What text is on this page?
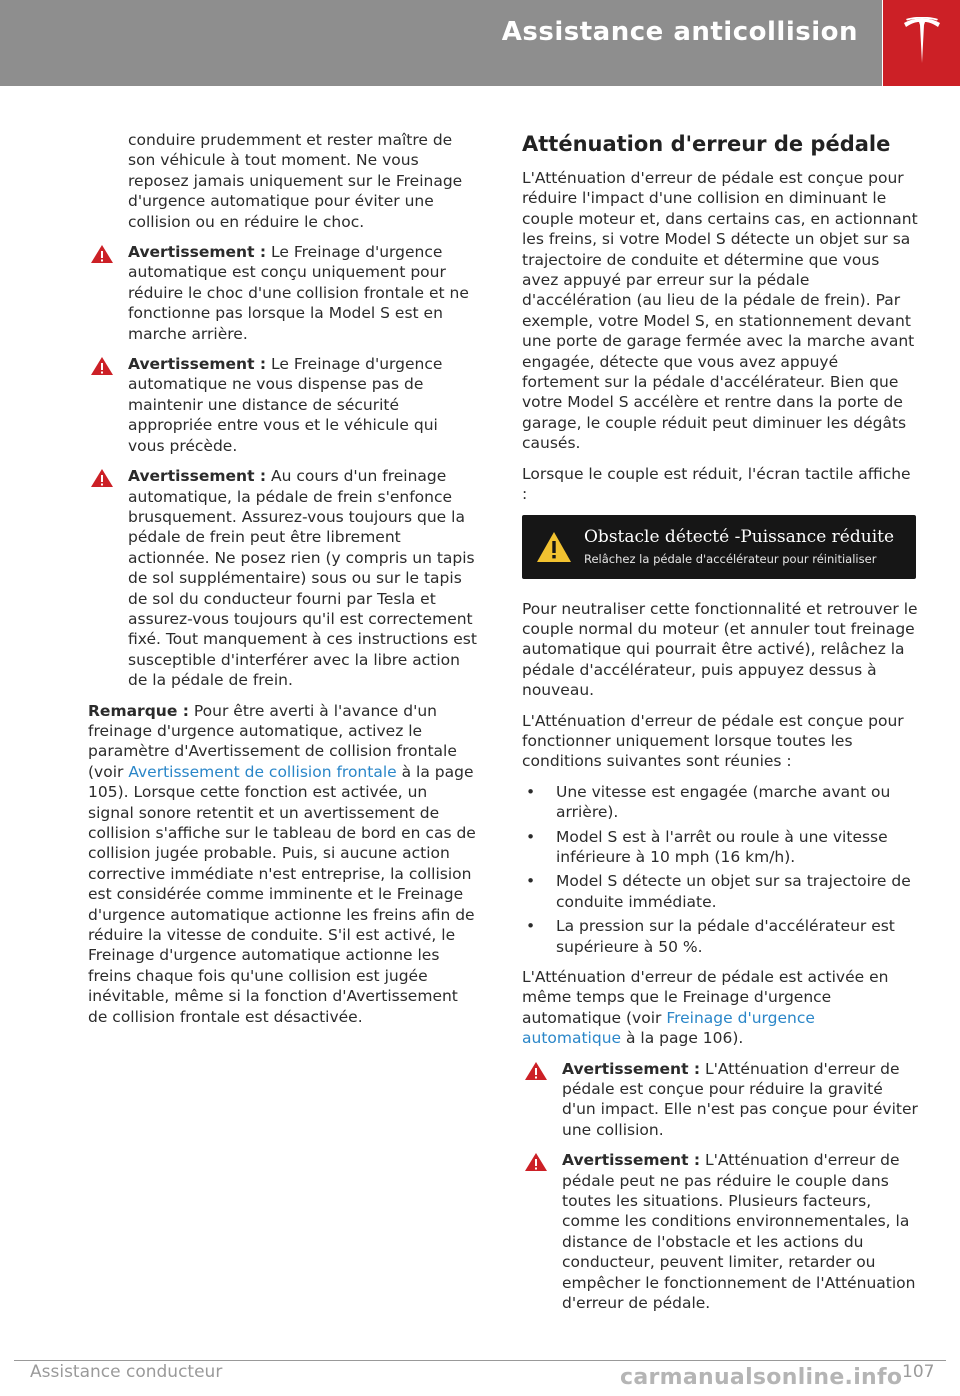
Assistance anticollision

conduire prudemment et rester maître de son véhicule à tout moment. Ne vous reposez jamais uniquement sur le Freinage d'urgence automatique pour éviter une collision ou en réduire le choc.

Avertissement : Le Freinage d'urgence automatique est conçu uniquement pour réduire le choc d'une collision frontale et ne fonctionne pas lorsque la Model S est en marche arrière.
Avertissement : Le Freinage d'urgence automatique ne vous dispense pas de maintenir une distance de sécurité appropriée entre vous et le véhicule qui vous précède.
Avertissement : Au cours d'un freinage automatique, la pédale de frein s'enfonce brusquement. Assurez-vous toujours que la pédale de frein peut être librement actionnée. Ne posez rien (y compris un tapis de sol supplémentaire) sous ou sur le tapis de sol du conducteur fourni par Tesla et assurez-vous toujours qu'il est correctement fixé. Tout manquement à ces instructions est susceptible d'interférer avec la libre action de la pédale de frein.

Remarque : Pour être averti à l'avance d'un freinage d'urgence automatique, activez le paramètre d'Avertissement de collision frontale (voir Avertissement de collision frontale à la page 105). Lorsque cette fonction est activée, un signal sonore retentit et un avertissement de collision s'affiche sur le tableau de bord en cas de collision jugée probable. Puis, si aucune action corrective immédiate n'est entreprise, la collision est considérée comme imminente et le Freinage d'urgence automatique actionne les freins afin de réduire la vitesse de conduite. S'il est activé, le Freinage d'urgence automatique actionne les freins chaque fois qu'une collision est jugée inévitable, même si la fonction d'Avertissement de collision frontale est désactivée.

Atténuation d'erreur de pédale

L'Atténuation d'erreur de pédale est conçue pour réduire l'impact d'une collision en diminuant le couple moteur et, dans certains cas, en actionnant les freins, si votre Model S détecte un objet sur sa trajectoire de conduite et détermine que vous avez appuyé par erreur sur la pédale d'accélération (au lieu de la pédale de frein). Par exemple, votre Model S, en stationnement devant une porte de garage fermée avec la marche avant engagée, détecte que vous avez appuyé fortement sur la pédale d'accélérateur. Bien que votre Model S accélère et rentre dans la porte de garage, le couple réduit peut diminuer les dégâts causés.

Lorsque le couple est réduit, l'écran tactile affiche :

Obstacle détecté -Puissance réduite
Relâchez la pédale d'accélérateur pour réinitialiser

Pour neutraliser cette fonctionnalité et retrouver le couple normal du moteur (et annuler tout freinage automatique qui pourrait être activé), relâchez la pédale d'accélérateur, puis appuyez dessus à nouveau.

L'Atténuation d'erreur de pédale est conçue pour fonctionner uniquement lorsque toutes les conditions suivantes sont réunies :

• Une vitesse est engagée (marche avant ou arrière).
• Model S est à l'arrêt ou roule à une vitesse inférieure à 10 mph (16 km/h).
• Model S détecte un objet sur sa trajectoire de conduite immédiate.
• La pression sur la pédale d'accélérateur est supérieure à 50 %.

L'Atténuation d'erreur de pédale est activée en même temps que le Freinage d'urgence automatique (voir Freinage d'urgence automatique à la page 106).

Avertissement : L'Atténuation d'erreur de pédale est conçue pour réduire la gravité d'un impact. Elle n'est pas conçue pour éviter une collision.
Avertissement : L'Atténuation d'erreur de pédale peut ne pas réduire le couple dans toutes les situations. Plusieurs facteurs, comme les conditions environnementales, la distance de l'obstacle et les actions du conducteur, peuvent limiter, retarder ou empêcher le fonctionnement de l'Atténuation d'erreur de pédale.
Assistance conducteur	107
carmanualsonline.info
